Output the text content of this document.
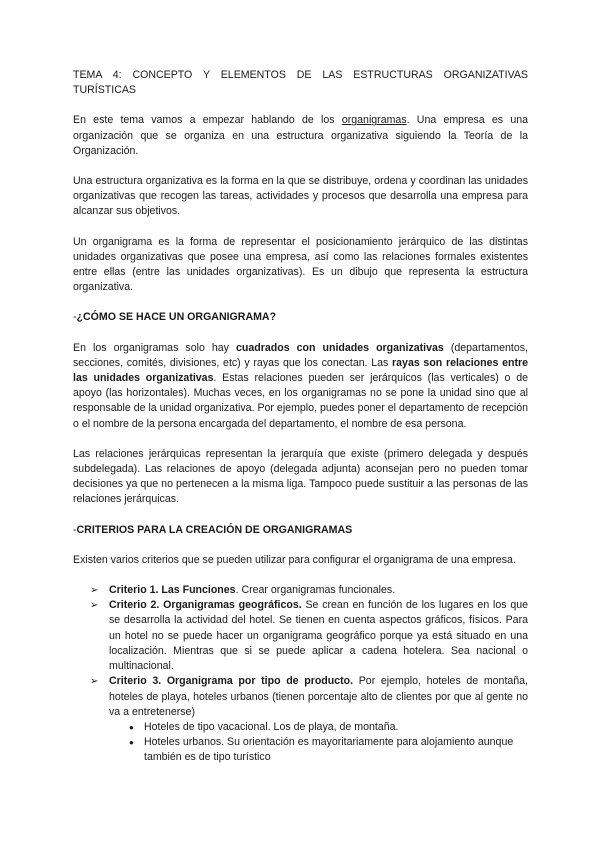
TEMA 4: CONCEPTO Y ELEMENTOS DE LAS ESTRUCTURAS ORGANIZATIVAS TURÍSTICAS

En este tema vamos a empezar hablando de los organigramas. Una empresa es una organización que se organiza en una estructura organizativa siguiendo la Teoría de la Organización.

Una estructura organizativa es la forma en la que se distribuye, ordena y coordinan las unidades organizativas que recogen las tareas, actividades y procesos que desarrolla una empresa para alcanzar sus objetivos.

Un organigrama es la forma de representar el posicionamiento jerárquico de las distintas unidades organizativas que posee una empresa, así como las relaciones formales existentes entre ellas (entre las unidades organizativas). Es un dibujo que representa la estructura organizativa.

-¿CÓMO SE HACE UN ORGANIGRAMA?

En los organigramas solo hay cuadrados con unidades organizativas (departamentos, secciones, comités, divisiones, etc) y rayas que los conectan. Las rayas son relaciones entre las unidades organizativas. Estas relaciones pueden ser jerárquicos (las verticales) o de apoyo (las horizontales). Muchas veces, en los organigramas no se pone la unidad sino que al responsable de la unidad organizativa. Por ejemplo, puedes poner el departamento de recepción o el nombre de la persona encargada del departamento, el nombre de esa persona.

Las relaciones jerárquicas representan la jerarquía que existe (primero delegada y después subdelegada). Las relaciones de apoyo (delegada adjunta) aconsejan pero no pueden tomar decisiones ya que no pertenecen a la misma liga. Tampoco puede sustituir a las personas de las relaciones jerárquicas.

-CRITERIOS PARA LA CREACIÓN DE ORGANIGRAMAS

Existen varios criterios que se pueden utilizar para configurar el organigrama de una empresa.

➢ Criterio 1. Las Funciones. Crear organigramas funcionales.
➢ Criterio 2. Organigramas geográficos. Se crean en función de los lugares en los que se desarrolla la actividad del hotel. Se tienen en cuenta aspectos gráficos, físicos. Para un hotel no se puede hacer un organigrama geográfico porque ya está situado en una localización. Mientras que si se puede aplicar a cadena hotelera. Sea nacional o multinacional.
➢ Criterio 3. Organigrama por tipo de producto. Por ejemplo, hoteles de montaña, hoteles de playa, hoteles urbanos (tienen porcentaje alto de clientes por que al gente no va a entretenerse)
● Hoteles de tipo vacacional. Los de playa, de montaña.
● Hoteles urbanos. Su orientación es mayoritariamente para alojamiento aunque también es de tipo turístico
